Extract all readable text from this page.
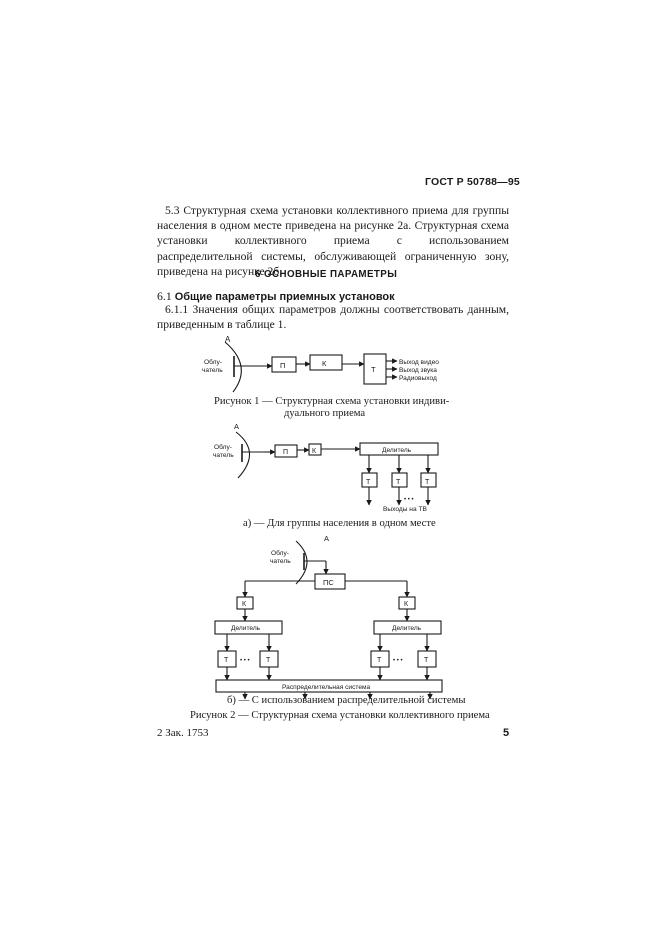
ГОСТ Р 50788—95
5.3 Структурная схема установки коллективного приема для группы населения в одном месте приведена на рисунке 2а. Структурная схема установки коллективного приема с использованием распределительной системы, обслуживающей ограниченную зону, приведена на рисунке 2б.
6 ОСНОВНЫЕ ПАРАМЕТРЫ
6.1 Общие параметры приемных установок
6.1.1 Значения общих параметров должны соответствовать данным, приведенным в таблице 1.
А
Облу-
чатель
П	К
Т
Выход видео
Выход звука
Радиовыход
А
Облу-
чатель	П	К	Делитель
Т	Т	Т
• • •
Выходы на ТВ
А
Облу-
чатель
ПС
К	К
Делитель	Делитель
Т	Т	Т	Т
• • •	• • •
Распределительная система
Рисунок 1 — Структурная схема установки индиви-
дуального приема
а) — Для группы населения в одном месте
б) — С использованием распределительной системы
Рисунок 2 — Структурная схема установки коллективного приема
2 Зак. 1753	5
